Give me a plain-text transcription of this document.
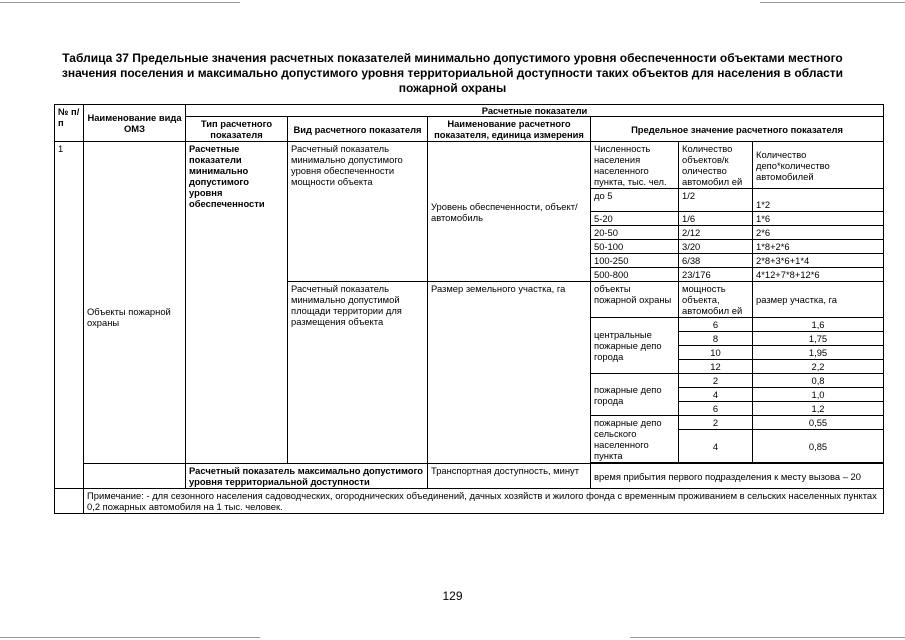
Таблица 37 Предельные значения расчетных показателей минимально допустимого уровня обеспеченности объектами местного значения поселения и максимально допустимого уровня территориальной доступности таких объектов для населения в области пожарной охраны
№ п/п	Наименование вида ОМЗ	Расчетные показатели					
		Тип расчетного показателя	Вид расчетного показателя	Наименование расчетного показателя, единица измерения	Предельное значение расчетного показателя		
1	Объекты пожарной охраны	Расчетные показатели минимально допустимого уровня обеспеченности	Расчетный показатель минимально допустимого уровня обеспеченности мощности объекта	Уровень обеспеченности, объект/автомобиль	Численность населения населенного пункта, тыс. чел.	Количество объектов/к оличество автомобил ей	Количество депо*количество автомобилей
					до 5	1/2	1*2
					5-20	1/6	1*6
					20-50	2/12	2*6
					50-100	3/20	1*8+2*6
					100-250	6/38	2*8+3*6+1*4
					500-800	23/176	4*12+7*8+12*6
			Расчетный показатель минимально допустимой площади территории для размещения объекта	Размер земельного участка, га	объекты пожарной охраны	мощность объекта, автомобил ей	размер участка, га
					центральные пожарные депо города	6	1,6
						8	1,75
						10	1,95
						12	2,2
					пожарные депо города	2	0,8
						4	1,0
						6	1,2
					пожарные депо сельского населенного пункта	2	0,55
						4	0,85

		Расчетный показатель максимально допустимого уровня территориальной доступности		Транспортная доступность, минут	время прибытия первого подразделения к месту вызова – 20		
	Примечание: - для сезонного населения садоводческих, огороднических объединений, дачных хозяйств и жилого фонда с временным проживанием в сельских населенных пунктах 0,2 пожарных автомобиля на 1 тыс. человек.						
129
